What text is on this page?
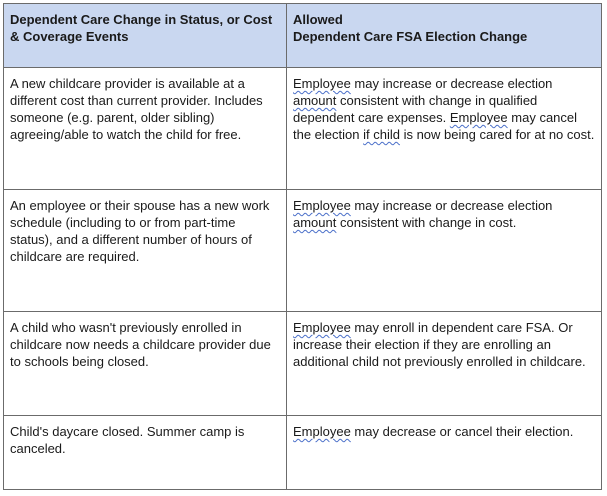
Dependent Care Change in Status, or Cost & Coverage Events	Allowed
Dependent Care FSA Election Change

A new childcare provider is available at a different cost than current provider. Includes someone (e.g. parent, older sibling) agreeing/able to watch the child for free.	Employee may increase or decrease election amount consistent with change in qualified dependent care expenses. Employee may cancel the election if child is now being cared for at no cost.
An employee or their spouse has a new work schedule (including to or from part-time status), and a different number of hours of childcare are required.	Employee may increase or decrease election amount consistent with change in cost.
A child who wasn't previously enrolled in childcare now needs a childcare provider due to schools being closed.	Employee may enroll in dependent care FSA. Or increase their election if they are enrolling an additional child not previously enrolled in childcare.
Child's daycare closed. Summer camp is canceled.	Employee may decrease or cancel their election.
